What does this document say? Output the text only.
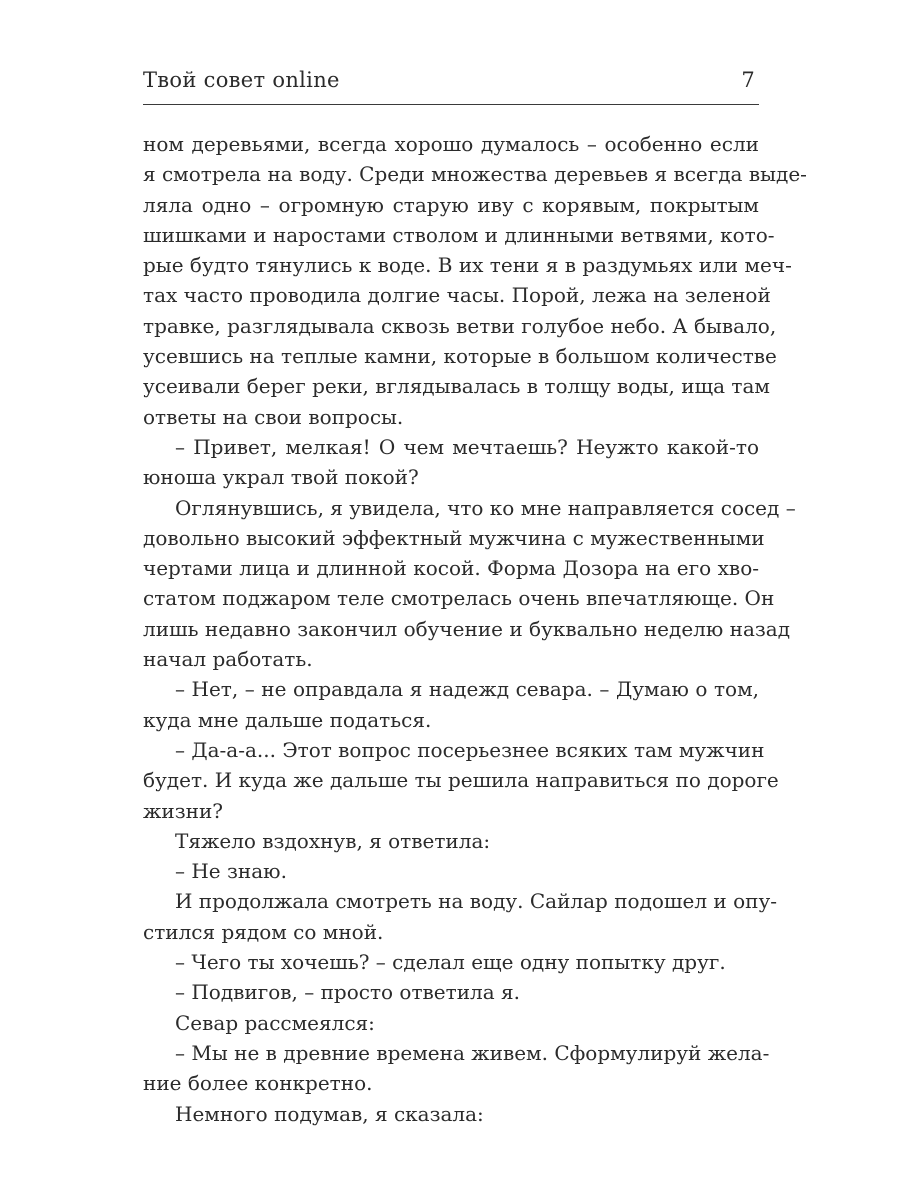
Твой совет online	7
ном деревьями, всегда хорошо думалось – особенно если
я смотрела на воду. Среди множества деревьев я всегда выде-
ляла одно – огромную старую иву с корявым, покрытым
шишками и наростами стволом и длинными ветвями, кото-
рые будто тянулись к воде. В их тени я в раздумьях или меч-
тах часто проводила долгие часы. Порой, лежа на зеленой
травке, разглядывала сквозь ветви голубое небо. А бывало,
усевшись на теплые камни, которые в большом количестве
усеивали берег реки, вглядывалась в толщу воды, ища там
ответы на свои вопросы.
– Привет, мелкая! О чем мечтаешь? Неужто какой-то
юноша украл твой покой?
Оглянувшись, я увидела, что ко мне направляется сосед –
довольно высокий эффектный мужчина с мужественными
чертами лица и длинной косой. Форма Дозора на его хво-
статом поджаром теле смотрелась очень впечатляюще. Он
лишь недавно закончил обучение и буквально неделю назад
начал работать.
– Нет, – не оправдала я надежд севара. – Думаю о том,
куда мне дальше податься.
– Да-а-а... Этот вопрос посерьезнее всяких там мужчин
будет. И куда же дальше ты решила направиться по дороге
жизни?
Тяжело вздохнув, я ответила:
– Не знаю.
И продолжала смотреть на воду. Сайлар подошел и опу-
стился рядом со мной.
– Чего ты хочешь? – сделал еще одну попытку друг.
– Подвигов, – просто ответила я.
Севар рассмеялся:
– Мы не в древние времена живем. Сформулируй жела-
ние более конкретно.
Немного подумав, я сказала:
